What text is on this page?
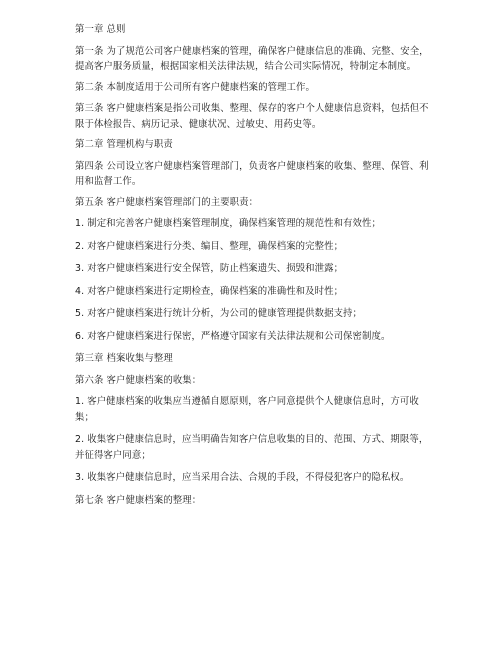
第一章 总则

第一条 为了规范公司客户健康档案的管理，确保客户健康信息的准确、完整、安全，提高客户服务质量，根据国家相关法律法规，结合公司实际情况，特制定本制度。

第二条 本制度适用于公司所有客户健康档案的管理工作。

第三条 客户健康档案是指公司收集、整理、保存的客户个人健康信息资料，包括但不限于体检报告、病历记录、健康状况、过敏史、用药史等。

第二章 管理机构与职责

第四条 公司设立客户健康档案管理部门，负责客户健康档案的收集、整理、保管、利用和监督工作。

第五条 客户健康档案管理部门的主要职责：

1. 制定和完善客户健康档案管理制度，确保档案管理的规范性和有效性；

2. 对客户健康档案进行分类、编目、整理，确保档案的完整性；

3. 对客户健康档案进行安全保管，防止档案遗失、损毁和泄露；

4. 对客户健康档案进行定期检查，确保档案的准确性和及时性；

5. 对客户健康档案进行统计分析，为公司的健康管理提供数据支持；

6. 对客户健康档案进行保密，严格遵守国家有关法律法规和公司保密制度。

第三章 档案收集与整理

第六条 客户健康档案的收集：

1. 客户健康档案的收集应当遵循自愿原则，客户同意提供个人健康信息时，方可收集；

2. 收集客户健康信息时，应当明确告知客户信息收集的目的、范围、方式、期限等，并征得客户同意；

3. 收集客户健康信息时，应当采用合法、合规的手段，不得侵犯客户的隐私权。

第七条 客户健康档案的整理：
